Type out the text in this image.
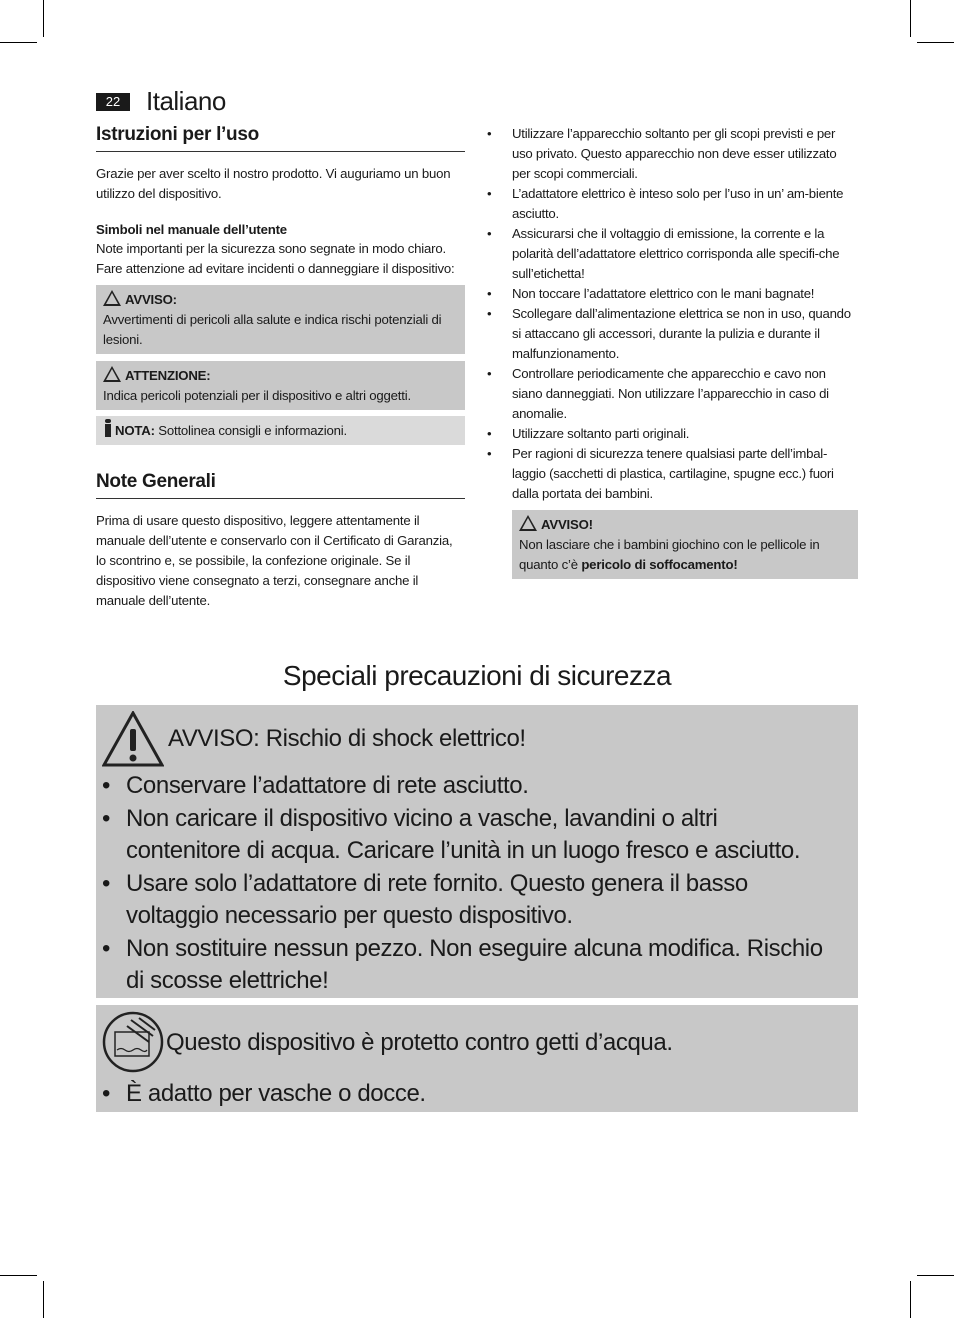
22 Italiano
Istruzioni per l’uso

Grazie per aver scelto il nostro prodotto. Vi auguriamo un buon utilizzo del dispositivo.

Simboli nel manuale dell’utente

Note importanti per la sicurezza sono segnate in modo chiaro. Fare attenzione ad evitare incidenti o danneggiare il dispositivo:

AVVISO:
Avvertimenti di pericoli alla salute e indica rischi potenziali di lesioni.
ATTENZIONE:
Indica pericoli potenziali per il dispositivo e altri oggetti.
NOTA: Sottolinea consigli e informazioni.
Note Generali

Prima di usare questo dispositivo, leggere attentamente il manuale dell’utente e conservarlo con il Certificato di Garanzia, lo scontrino e, se possibile, la confezione originale. Se il dispositivo viene consegnato a terzi, consegnare anche il manuale dell’utente.

• Utilizzare l’apparecchio soltanto per gli scopi previsti e per uso privato. Questo apparecchio non deve esser utilizzato per scopi commerciali.
• L’adattatore elettrico è inteso solo per l’uso in un’ am-biente asciutto.
• Assicurarsi che il voltaggio di emissione, la corrente e la polarità dell’adattatore elettrico corrisponda alle specifi-che sull’etichetta!
• Non toccare l’adattatore elettrico con le mani bagnate!
• Scollegare dall’alimentazione elettrica se non in uso, quando si attaccano gli accessori, durante la pulizia e durante il malfunzionamento.
• Controllare periodicamente che apparecchio e cavo non siano danneggiati. Non utilizzare l’apparecchio in caso di anomalie.
• Utilizzare soltanto parti originali.
• Per ragioni di sicurezza tenere qualsiasi parte dell’imbal-laggio (sacchetti di plastica, cartilagine, spugne ecc.) fuori dalla portata dei bambini.
AVVISO!
Non lasciare che i bambini giochino con le pellicole in quanto c’è pericolo di soffocamento!
Speciali precauzioni di sicurezza
AVVISO: Rischio di shock elettrico!
• Conservare l’adattatore di rete asciutto.
• Non caricare il dispositivo vicino a vasche, lavandini o altri contenitore di acqua. Caricare l’unità in un luogo fresco e asciutto.
• Usare solo l’adattatore di rete fornito. Questo genera il basso voltaggio necessario per questo dispositivo.
• Non sostituire nessun pezzo. Non eseguire alcuna modifica. Rischio di scosse elettriche!
Questo dispositivo è protetto contro getti d’acqua.
• È adatto per vasche o docce.
